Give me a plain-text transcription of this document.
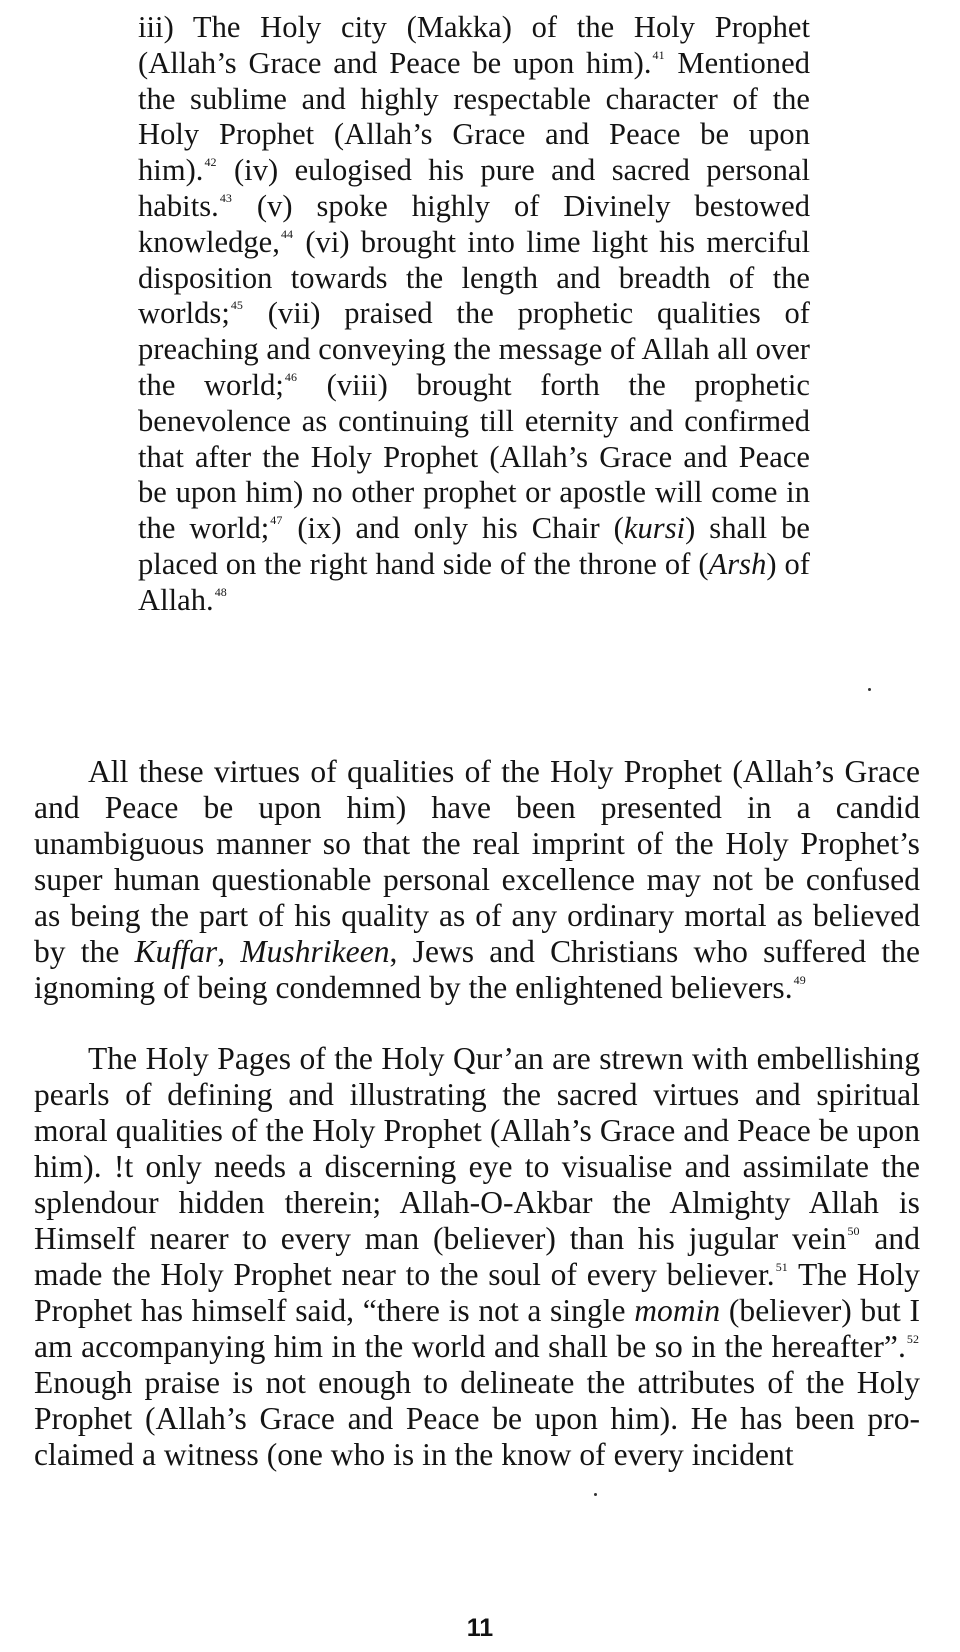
iii) The Holy city (Makka) of the Holy Prophet (Allah’s Grace and Peace be upon him).$^{41}$ Mentioned the sublime and highly respectable character of the Holy Prophet (Allah’s Grace and Peace be upon him).$^{42}$ (iv) eulogised his pure and sacred personal habits.$^{43}$ (v) spoke highly of Divinely bestowed knowledge,$^{44}$ (vi) brought into lime light his merciful disposition towards the length and breadth of the worlds;$^{45}$ (vii) praised the prophetic qualities of preaching and conveying the message of Allah all over the world;$^{46}$ (viii) brought forth the prophetic benevolence as continuing till eternity and confirmed that after the Holy Prophet (Allah’s Grace and Peace be upon him) no other prophet or apostle will come in the world;$^{47}$ (ix) and only his Chair (kursi) shall be placed on the right hand side of the throne of (Arsh) of Allah.$^{48}$

All these virtues of qualities of the Holy Prophet (Allah’s Grace and Peace be upon him) have been presented in a candid unambiguous manner so that the real imprint of the Holy Prophet’s super human questionable personal excellence may not be confused as being the part of his quality as of any ordinary mortal as believed by the Kuffar, Mushrikeen, Jews and Christians who suffered the ignoming of being condemned by the enlightened believers.$^{49}$

The Holy Pages of the Holy Qur’an are strewn with embellishing pearls of defining and illustrating the sacred virtues and spiritual moral qualities of the Holy Prophet (Allah’s Grace and Peace be upon him). !t only needs a discerning eye to visualise and assimilate the splendour hidden therein; Allah-O-Akbar the Almighty Allah is Himself nearer to every man (believer) than his jugular vein$^{50}$ and made the Holy Prophet near to the soul of every believer.$^{51}$ The Holy Prophet has himself said, “there is not a single momin (believer) but I am accompanying him in the world and shall be so in the hereafter”.$^{52}$ Enough praise is not enough to delineate the attributes of the Holy Prophet (Allah’s Grace and Peace be upon him). He has been proclaimed a witness (one who is in the know of every incident

11
